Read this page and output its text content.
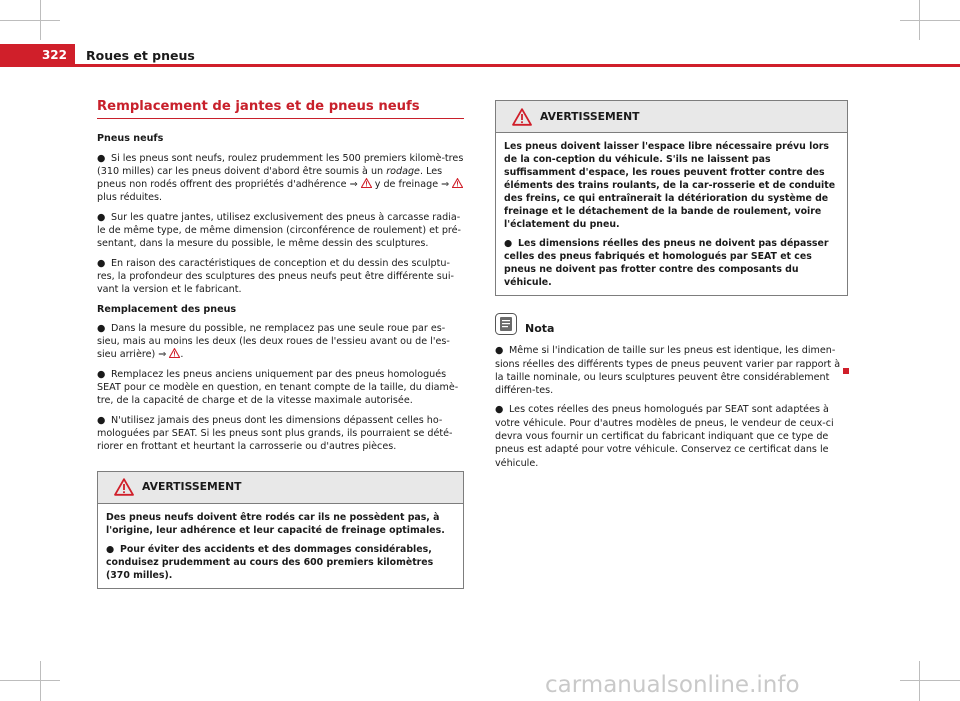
322	Roues et pneus
Remplacement de jantes et de pneus neufs
Pneus neufs

● Si les pneus sont neufs, roulez prudemment les 500 premiers kilomè-tres (310 milles) car les pneus doivent d'abord être soumis à un rodage. Les pneus non rodés offrent des propriétés d'adhérence ⇒  y de freinage ⇒  plus réduites.

● Sur les quatre jantes, utilisez exclusivement des pneus à carcasse radia-le de même type, de même dimension (circonférence de roulement) et pré-sentant, dans la mesure du possible, le même dessin des sculptures.

● En raison des caractéristiques de conception et du dessin des sculptu-res, la profondeur des sculptures des pneus neufs peut être différente sui-vant la version et le fabricant.

Remplacement des pneus

● Dans la mesure du possible, ne remplacez pas une seule roue par es-sieu, mais au moins les deux (les deux roues de l'essieu avant ou de l'es-sieu arrière) ⇒ .

● Remplacez les pneus anciens uniquement par des pneus homologués SEAT pour ce modèle en question, en tenant compte de la taille, du diamè-tre, de la capacité de charge et de la vitesse maximale autorisée.

● N'utilisez jamais des pneus dont les dimensions dépassent celles ho-mologuées par SEAT. Si les pneus sont plus grands, ils pourraient se dété-riorer en frottant et heurtant la carrosserie ou d'autres pièces.

AVERTISSEMENT

Des pneus neufs doivent être rodés car ils ne possèdent pas, à l'origine, leur adhérence et leur capacité de freinage optimales.

● Pour éviter des accidents et des dommages considérables, conduisez prudemment au cours des 600 premiers kilomètres (370 milles).

AVERTISSEMENT

Les pneus doivent laisser l'espace libre nécessaire prévu lors de la con-ception du véhicule. S'ils ne laissent pas suffisamment d'espace, les roues peuvent frotter contre des éléments des trains roulants, de la car-rosserie et de conduite des freins, ce qui entraînerait la détérioration du système de freinage et le détachement de la bande de roulement, voire l'éclatement du pneu.

● Les dimensions réelles des pneus ne doivent pas dépasser celles des pneus fabriqués et homologués par SEAT et ces pneus ne doivent pas frotter contre des composants du véhicule.

Nota

● Même si l'indication de taille sur les pneus est identique, les dimen-sions réelles des différents types de pneus peuvent varier par rapport à la taille nominale, ou leurs sculptures peuvent être considérablement différen-tes.

● Les cotes réelles des pneus homologués par SEAT sont adaptées à votre véhicule. Pour d'autres modèles de pneus, le vendeur de ceux-ci devra vous fournir un certificat du fabricant indiquant que ce type de pneus est adapté pour votre véhicule. Conservez ce certificat dans le véhicule.

carmanualsonline.info
